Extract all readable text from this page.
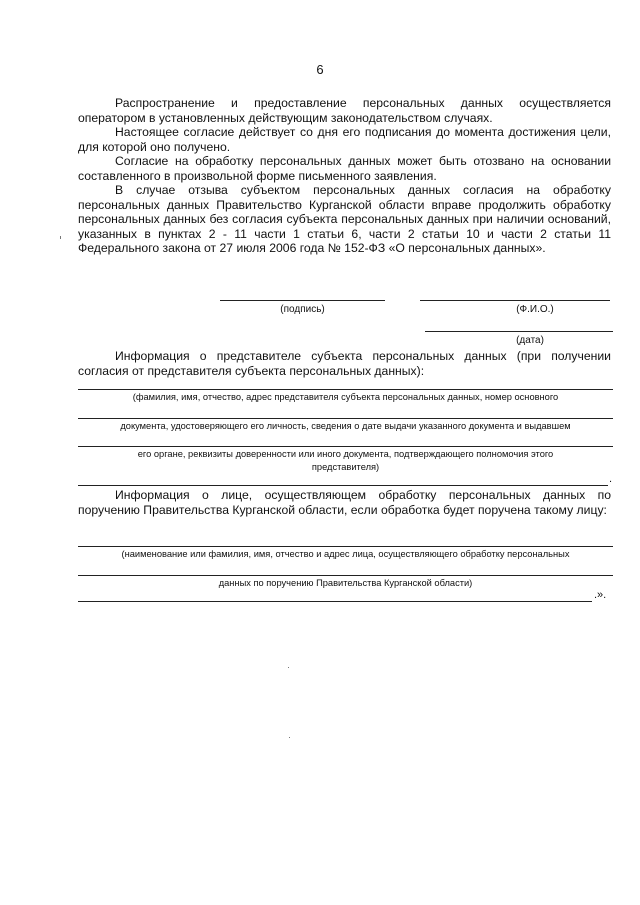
6

Распространение и предоставление персональных данных осуществляется оператором в установленных действующим законодательством случаях.

Настоящее согласие действует со дня его подписания до момента достижения цели, для которой оно получено.

Согласие на обработку персональных данных может быть отозвано на основании составленного в произвольной форме письменного заявления.

В случае отзыва субъектом персональных данных согласия на обработку персональных данных Правительство Курганской области вправе продолжить обработку персональных данных без согласия субъекта персональных данных при наличии оснований, указанных в пунктах 2 - 11 части 1 статьи 6, части 2 статьи 10 и части 2 статьи 11 Федерального закона от 27 июля 2006 года № 152-ФЗ «О персональных данных».

(подпись)	(Ф.И.О.)
(дата)

Информация о представителе субъекта персональных данных (при получении согласия от представителя субъекта персональных данных):

(фамилия, имя, отчество, адрес представителя субъекта персональных данных, номер основного
документа, удостоверяющего его личность, сведения о дате выдачи указанного документа и выдавшем
его органе, реквизиты доверенности или иного документа, подтверждающего полномочия этого
представителя)
.

Информация о лице, осуществляющем обработку персональных данных по поручению Правительства Курганской области, если обработка будет поручена такому лицу:

(наименование или фамилия, имя, отчество и адрес лица, осуществляющего обработку персональных
данных по поручению Правительства Курганской области)
.».
